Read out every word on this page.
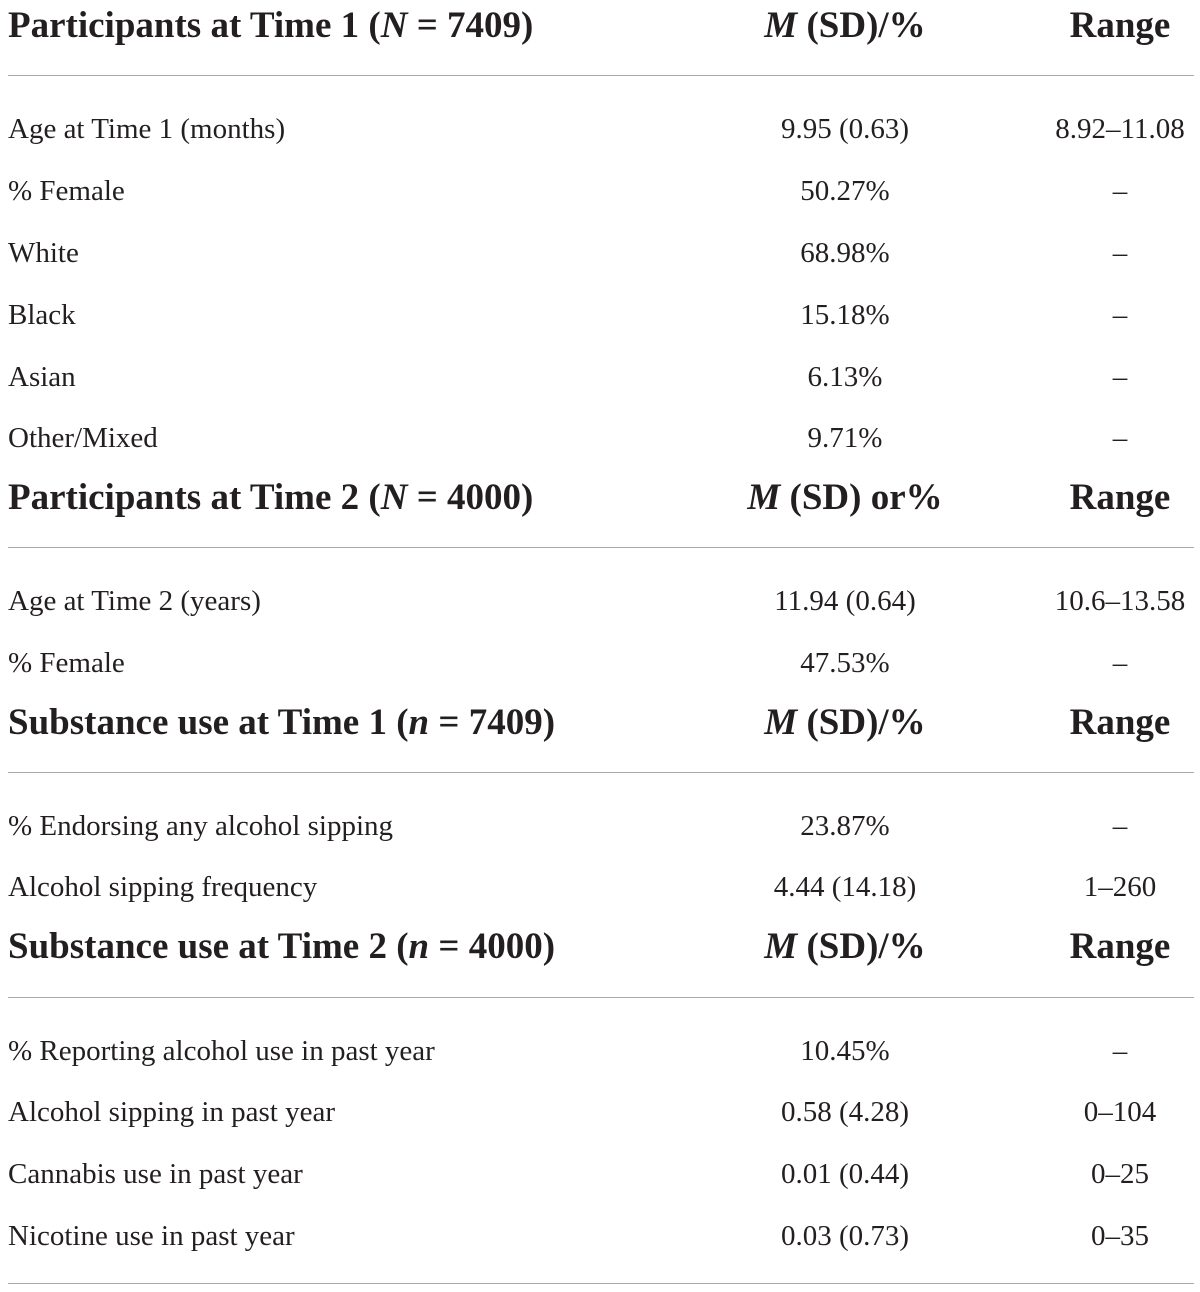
Participants at Time 1 (N = 7409)	M (SD)/%	Range
Age at Time 1 (months)	9.95 (0.63)	8.92–11.08
% Female	50.27%	–
White	68.98%	–
Black	15.18%	–
Asian	6.13%	–
Other/Mixed	9.71%	–
Participants at Time 2 (N = 4000)	M (SD) or%	Range
Age at Time 2 (years)	11.94 (0.64)	10.6–13.58
% Female	47.53%	–
Substance use at Time 1 (n = 7409)	M (SD)/%	Range
% Endorsing any alcohol sipping	23.87%	–
Alcohol sipping frequency	4.44 (14.18)	1–260
Substance use at Time 2 (n = 4000)	M (SD)/%	Range
% Reporting alcohol use in past year	10.45%	–
Alcohol sipping in past year	0.58 (4.28)	0–104
Cannabis use in past year	0.01 (0.44)	0–25
Nicotine use in past year	0.03 (0.73)	0–35
